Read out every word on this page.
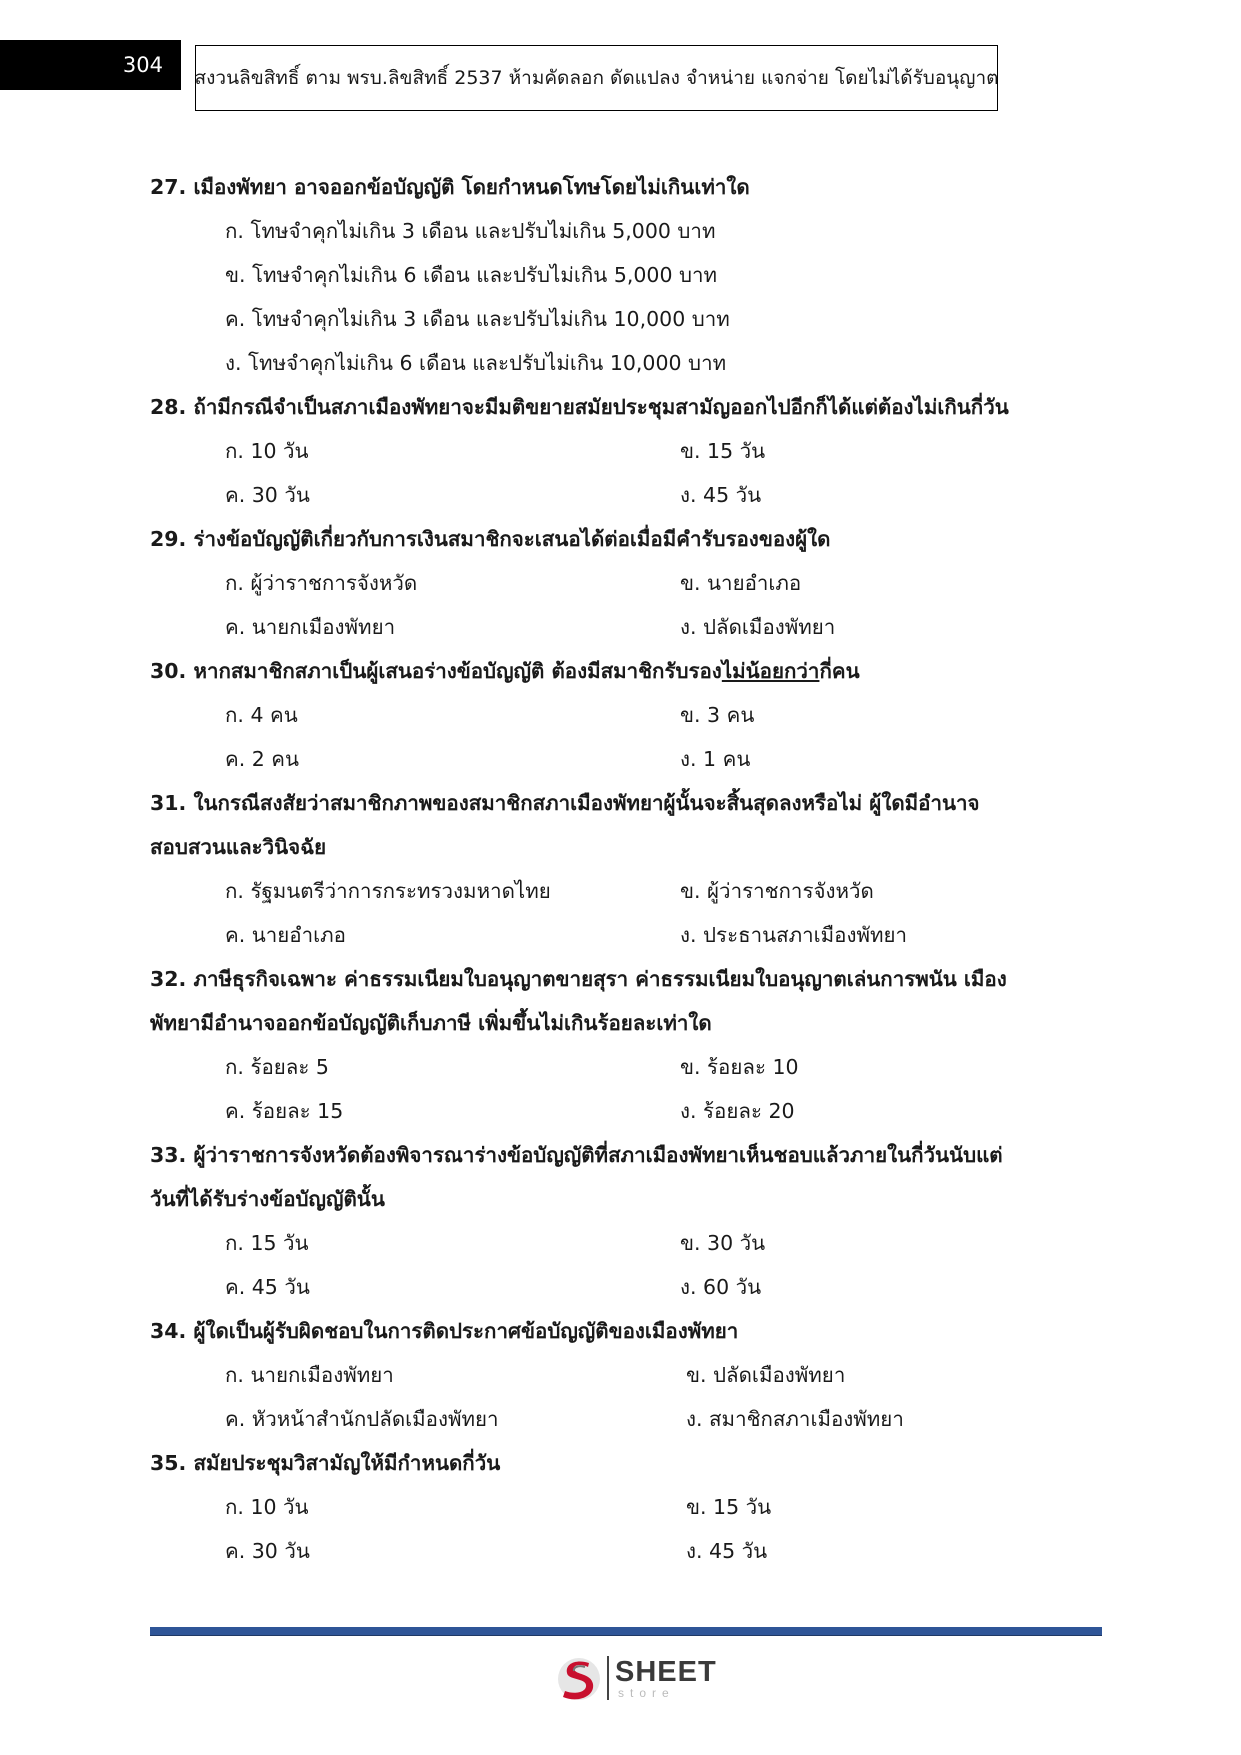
304
สงวนลิขสิทธิ์ ตาม พรบ.ลิขสิทธิ์ 2537 ห้ามคัดลอก ดัดแปลง จำหน่าย แจกจ่าย โดยไม่ได้รับอนุญาต
27. เมืองพัทยา อาจออกข้อบัญญัติ โดยกำหนดโทษโดยไม่เกินเท่าใด
ก. โทษจำคุกไม่เกิน 3 เดือน และปรับไม่เกิน 5,000 บาท
ข. โทษจำคุกไม่เกิน 6 เดือน และปรับไม่เกิน 5,000 บาท
ค. โทษจำคุกไม่เกิน 3 เดือน และปรับไม่เกิน 10,000 บาท
ง. โทษจำคุกไม่เกิน 6 เดือน และปรับไม่เกิน 10,000 บาท
28. ถ้ามีกรณีจำเป็นสภาเมืองพัทยาจะมีมติขยายสมัยประชุมสามัญออกไปอีกก็ได้แต่ต้องไม่เกินกี่วัน
ก. 10 วัน	ข. 15 วัน
ค. 30 วัน	ง. 45 วัน
29. ร่างข้อบัญญัติเกี่ยวกับการเงินสมาชิกจะเสนอได้ต่อเมื่อมีคำรับรองของผู้ใด
ก. ผู้ว่าราชการจังหวัด	ข. นายอำเภอ
ค. นายกเมืองพัทยา	ง. ปลัดเมืองพัทยา
30. หากสมาชิกสภาเป็นผู้เสนอร่างข้อบัญญัติ ต้องมีสมาชิกรับรองไม่น้อยกว่ากี่คน
ก. 4 คน	ข. 3 คน
ค. 2 คน	ง. 1 คน
31. ในกรณีสงสัยว่าสมาชิกภาพของสมาชิกสภาเมืองพัทยาผู้นั้นจะสิ้นสุดลงหรือไม่ ผู้ใดมีอำนาจ
สอบสวนและวินิจฉัย
ก. รัฐมนตรีว่าการกระทรวงมหาดไทย	ข. ผู้ว่าราชการจังหวัด
ค. นายอำเภอ	ง. ประธานสภาเมืองพัทยา
32. ภาษีธุรกิจเฉพาะ ค่าธรรมเนียมใบอนุญาตขายสุรา ค่าธรรมเนียมใบอนุญาตเล่นการพนัน เมือง
พัทยามีอำนาจออกข้อบัญญัติเก็บภาษี เพิ่มขึ้นไม่เกินร้อยละเท่าใด
ก. ร้อยละ 5	ข. ร้อยละ 10
ค. ร้อยละ 15	ง. ร้อยละ 20
33. ผู้ว่าราชการจังหวัดต้องพิจารณาร่างข้อบัญญัติที่สภาเมืองพัทยาเห็นชอบแล้วภายในกี่วันนับแต่
วันที่ได้รับร่างข้อบัญญัตินั้น
ก. 15 วัน	ข. 30 วัน
ค. 45 วัน	ง. 60 วัน
34. ผู้ใดเป็นผู้รับผิดชอบในการติดประกาศข้อบัญญัติของเมืองพัทยา
ก. นายกเมืองพัทยา	ข. ปลัดเมืองพัทยา
ค. หัวหน้าสำนักปลัดเมืองพัทยา	ง. สมาชิกสภาเมืองพัทยา
35. สมัยประชุมวิสามัญให้มีกำหนดกี่วัน
ก. 10 วัน	ข. 15 วัน
ค. 30 วัน	ง. 45 วัน
SHEET
store
